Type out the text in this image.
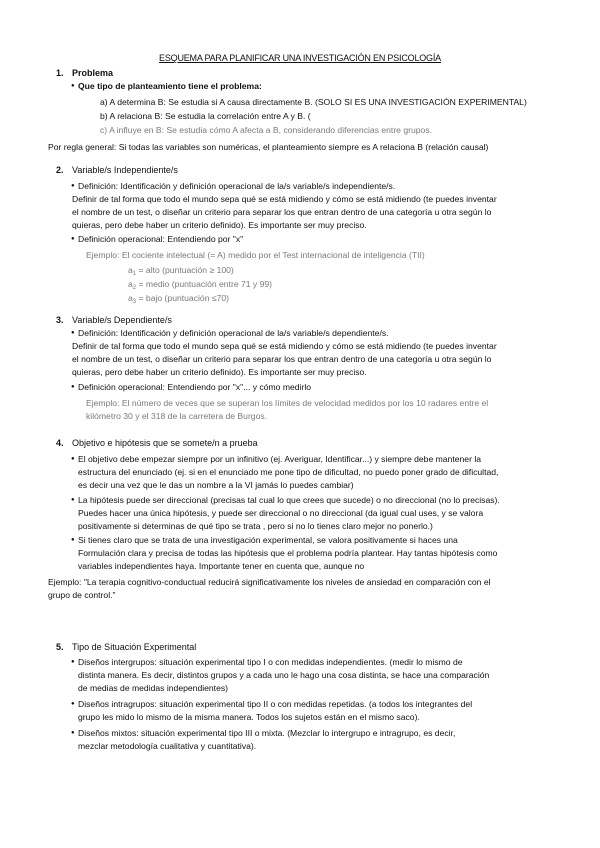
ESQUEMA PARA PLANIFICAR UNA INVESTIGACIÓN EN PSICOLOGÍA
1. Problema
● Que tipo de planteamiento tiene el problema:
a) A determina B: Se estudia si A causa directamente B. (SOLO SI ES UNA INVESTIGACIÓN EXPERIMENTAL)
b) A relaciona B: Se estudia la correlación entre A y B. (
c) A influye en B: Se estudia cómo A afecta a B, considerando diferencias entre grupos.
Por regla general: Si todas las variables son numéricas, el planteamiento siempre es A relaciona B (relación causal)
2. Variable/s Independiente/s
● Definición: Identificación y definición operacional de la/s variable/s independiente/s.
Definir de tal forma que todo el mundo sepa qué se está midiendo y cómo se está midiendo (te puedes inventar
el nombre de un test, o diseñar un criterio para separar los que entran dentro de una categoría u otra según lo
quieras, pero debe haber un criterio definido). Es importante ser muy preciso.
● Definición operacional: Entendiendo por "x"
Ejemplo: El cociente intelectual (= A) medido por el Test internacional de inteligencia (TII)
$a_1$ = alto (puntuación ≥ 100)
$a_2$ = medio (puntuación entre 71 y 99)
$a_3$ = bajo (puntuación ≤70)
3. Variable/s Dependiente/s
● Definición: Identificación y definición operacional de la/s variable/s dependiente/s.
Definir de tal forma que todo el mundo sepa qué se está midiendo y cómo se está midiendo (te puedes inventar
el nombre de un test, o diseñar un criterio para separar los que entran dentro de una categoría u otra según lo
quieras, pero debe haber un criterio definido). Es importante ser muy preciso.
● Definición operacional: Entendiendo por "x"... y cómo medirlo
Ejemplo: El número de veces que se superan los límites de velocidad medidos por los 10 radares entre el
kilómetro 30 y el 318 de la carretera de Burgos.
4. Objetivo e hipótesis que se somete/n a prueba
● El objetivo debe empezar siempre por un infinitivo (ej. Averiguar, Identificar...) y siempre debe mantener la
estructura del enunciado (ej. si en el enunciado me pone tipo de dificultad, no puedo poner grado de dificultad,
es decir una vez que le das un nombre a la VI jamás lo puedes cambiar)
● La hipótesis puede ser direccional (precisas tal cual lo que crees que sucede) o no direccional (no lo precisas).
Puedes hacer una única hipótesis, y puede ser direccional o no direccional (da igual cual uses, y se valora
positivamente si determinas de qué tipo se trata , pero si no lo tienes claro mejor no ponerlo.)
● Si tienes claro que se trata de una investigación experimental, se valora positivamente si haces una
Formulación clara y precisa de todas las hipótesis que el problema podría plantear. Hay tantas hipótesis como
variables independientes haya. Importante tener en cuenta que, aunque no
Ejemplo: "La terapia cognitivo-conductual reducirá significativamente los niveles de ansiedad en comparación con el
grupo de control."
5. Tipo de Situación Experimental
● Diseños intergrupos: situación experimental tipo I o con medidas independientes. (medir lo mismo de
distinta manera. Es decir, distintos grupos y a cada uno le hago una cosa distinta, se hace una comparación
de medias de medidas independientes)
● Diseños intragrupos: situación experimental tipo II o con medidas repetidas. (a todos los integrantes del
grupo les mido lo mismo de la misma manera. Todos los sujetos están en el mismo saco).
● Diseños mixtos: situación experimental tipo III o mixta. (Mezclar lo intergrupo e intragrupo, es decir,
mezclar metodología cualitativa y cuantitativa).
